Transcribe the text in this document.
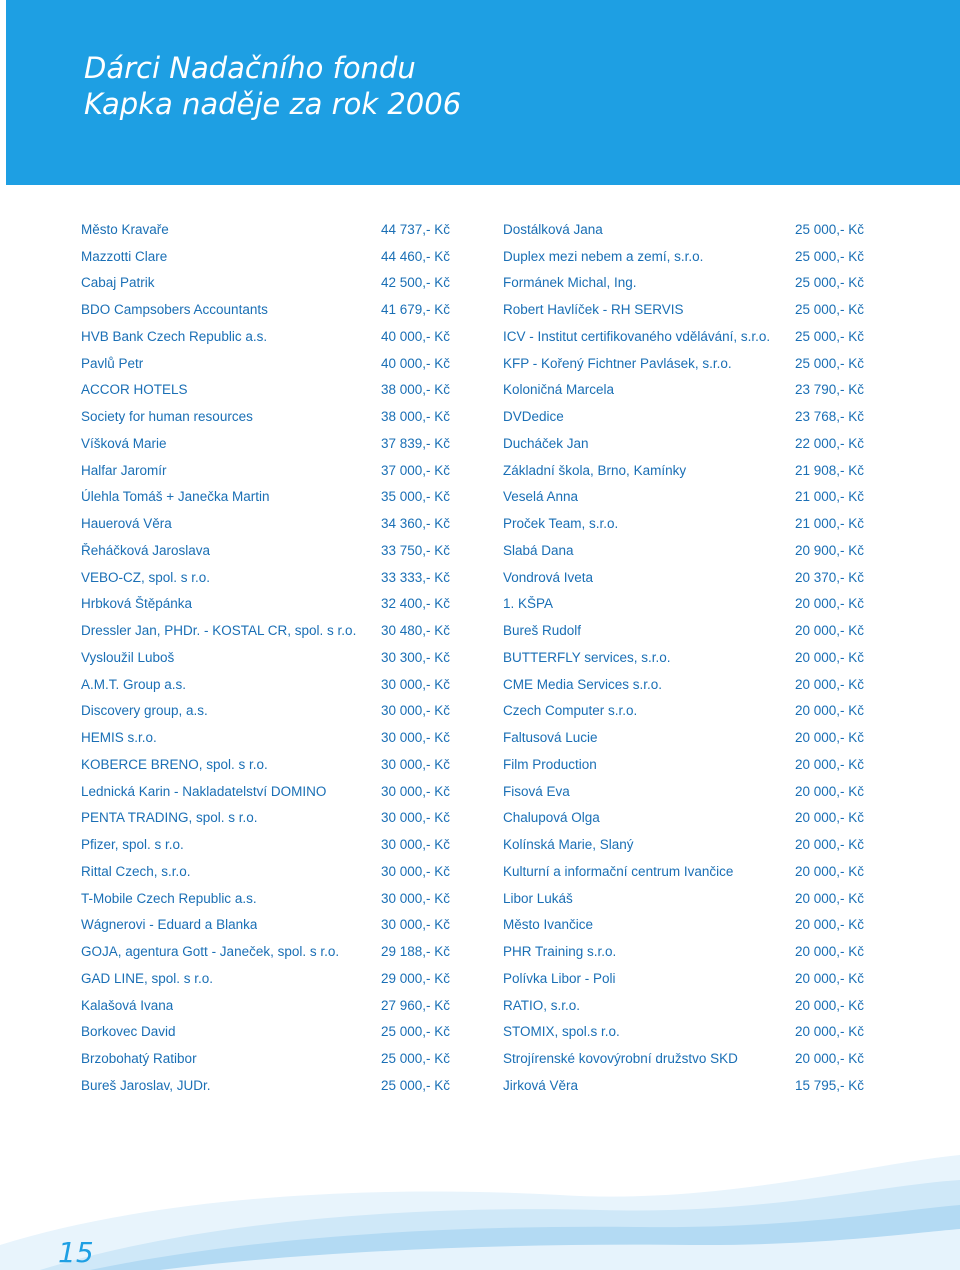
Dárci Nadačního fondu
Kapka naděje za rok 2006
Město Kravaře	44 737,- Kč
Mazzotti Clare	44 460,- Kč
Cabaj Patrik	42 500,- Kč
BDO Campsobers Accountants	41 679,- Kč
HVB Bank Czech Republic a.s.	40 000,- Kč
Pavlů Petr	40 000,- Kč
ACCOR HOTELS	38 000,- Kč
Society for human resources	38 000,- Kč
Víšková Marie	37 839,- Kč
Halfar Jaromír	37 000,- Kč
Úlehla Tomáš + Janečka Martin	35 000,- Kč
Hauerová Věra	34 360,- Kč
Řeháčková Jaroslava	33 750,- Kč
VEBO-CZ, spol. s r.o.	33 333,- Kč
Hrbková Štěpánka	32 400,- Kč
Dressler Jan, PHDr. - KOSTAL CR, spol. s r.o. 30 480,- Kč
Vysloužil Luboš	30 300,- Kč
A.M.T. Group a.s.	30 000,- Kč
Discovery group, a.s.	30 000,- Kč
HEMIS s.r.o.	30 000,- Kč
KOBERCE BRENO, spol. s r.o.	30 000,- Kč
Lednická Karin - Nakladatelství DOMINO	30 000,- Kč
PENTA TRADING, spol. s r.o.	30 000,- Kč
Pfizer, spol. s r.o.	30 000,- Kč
Rittal Czech, s.r.o.	30 000,- Kč
T-Mobile Czech Republic a.s.	30 000,- Kč
Wágnerovi - Eduard a Blanka	30 000,- Kč
GOJA, agentura Gott - Janeček, spol. s r.o.	29 188,- Kč
GAD LINE, spol. s r.o.	29 000,- Kč
Kalašová Ivana	27 960,- Kč
Borkovec David	25 000,- Kč
Brzobohatý Ratibor	25 000,- Kč
Bureš Jaroslav, JUDr.	25 000,- Kč
Dostálková Jana	25 000,- Kč
Duplex mezi nebem a zemí, s.r.o.	25 000,- Kč
Formánek Michal, Ing.	25 000,- Kč
Robert Havlíček - RH SERVIS	25 000,- Kč
ICV - Institut certifikovaného vdělávání, s.r.o. 25 000,- Kč
KFP - Kořený Fichtner Pavlásek, s.r.o.	25 000,- Kč
Koloničná Marcela	23 790,- Kč
DVDedice	23 768,- Kč
Ducháček Jan	22 000,- Kč
Základní škola, Brno, Kamínky	21 908,- Kč
Veselá Anna	21 000,- Kč
Proček Team, s.r.o.	21 000,- Kč
Slabá Dana	20 900,- Kč
Vondrová Iveta	20 370,- Kč
1. KŠPA	20 000,- Kč
Bureš Rudolf	20 000,- Kč
BUTTERFLY services, s.r.o.	20 000,- Kč
CME Media Services s.r.o.	20 000,- Kč
Czech Computer s.r.o.	20 000,- Kč
Faltusová Lucie	20 000,- Kč
Film Production	20 000,- Kč
Fisová Eva	20 000,- Kč
Chalupová Olga	20 000,- Kč
Kolínská Marie, Slaný	20 000,- Kč
Kulturní a informační centrum Ivančice	20 000,- Kč
Libor Lukáš	20 000,- Kč
Město Ivančice	20 000,- Kč
PHR Training s.r.o.	20 000,- Kč
Polívka Libor - Poli	20 000,- Kč
RATIO, s.r.o.	20 000,- Kč
STOMIX, spol.s r.o.	20 000,- Kč
Strojírenské kovovýrobní družstvo SKD	20 000,- Kč
Jirková Věra	15 795,- Kč

15
